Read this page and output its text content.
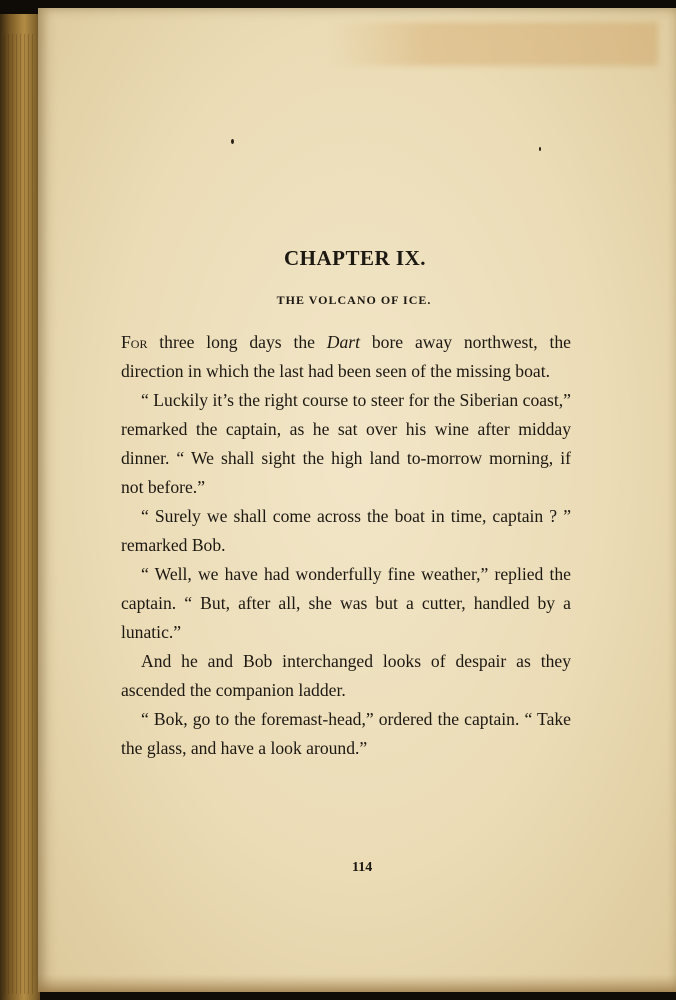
CHAPTER IX.
THE VOLCANO OF ICE.

For three long days the Dart bore away northwest, the direction in which the last had been seen of the missing boat.

“ Luckily it’s the right course to steer for the Siberian coast,” remarked the captain, as he sat over his wine after midday dinner. “ We shall sight the high land to-morrow morning, if not before.”

“ Surely we shall come across the boat in time, captain ? ” remarked Bob.

“ Well, we have had wonderfully fine weather,” replied the captain. “ But, after all, she was but a cutter, handled by a lunatic.”

And he and Bob interchanged looks of despair as they ascended the companion ladder.

“ Bok, go to the foremast-head,” ordered the captain. “ Take the glass, and have a look around.”

114
